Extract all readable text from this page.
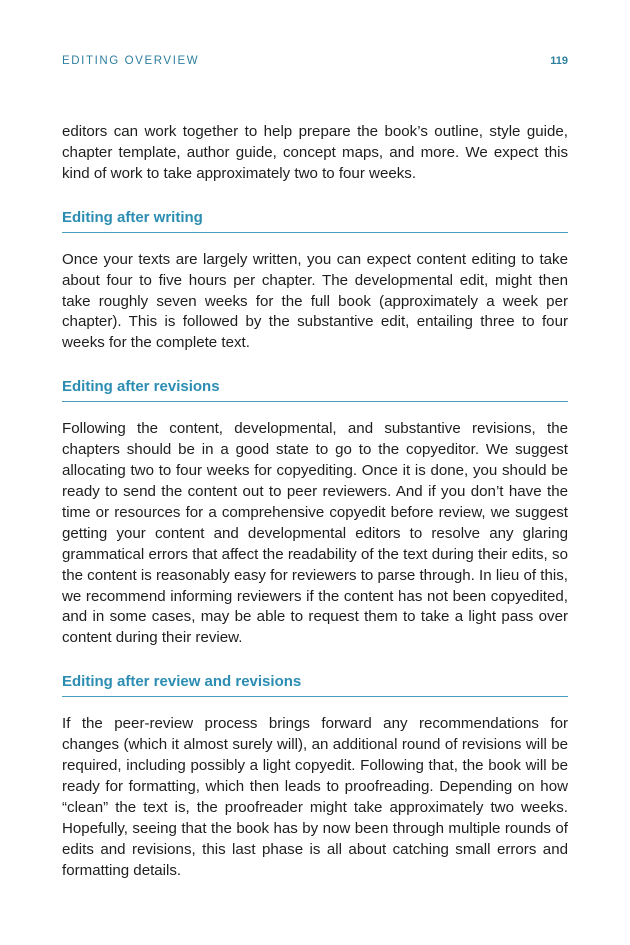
EDITING OVERVIEW	119

editors can work together to help prepare the book’s outline, style guide, chapter template, author guide, concept maps, and more. We expect this kind of work to take approximately two to four weeks.

Editing after writing

Once your texts are largely written, you can expect content editing to take about four to five hours per chapter. The developmental edit, might then take roughly seven weeks for the full book (approximately a week per chapter). This is followed by the substantive edit, entailing three to four weeks for the complete text.

Editing after revisions

Following the content, developmental, and substantive revisions, the chapters should be in a good state to go to the copyeditor. We suggest allocating two to four weeks for copyediting. Once it is done, you should be ready to send the content out to peer reviewers. And if you don’t have the time or resources for a comprehensive copyedit before review, we suggest getting your content and developmental editors to resolve any glaring grammatical errors that affect the readability of the text during their edits, so the content is reasonably easy for reviewers to parse through. In lieu of this, we recommend informing reviewers if the content has not been copyedited, and in some cases, may be able to request them to take a light pass over content during their review.

Editing after review and revisions

If the peer-review process brings forward any recommendations for changes (which it almost surely will), an additional round of revisions will be required, including possibly a light copyedit. Following that, the book will be ready for formatting, which then leads to proofreading. Depending on how “clean” the text is, the proofreader might take approximately two weeks. Hopefully, seeing that the book has by now been through multiple rounds of edits and revisions, this last phase is all about catching small errors and formatting details.
